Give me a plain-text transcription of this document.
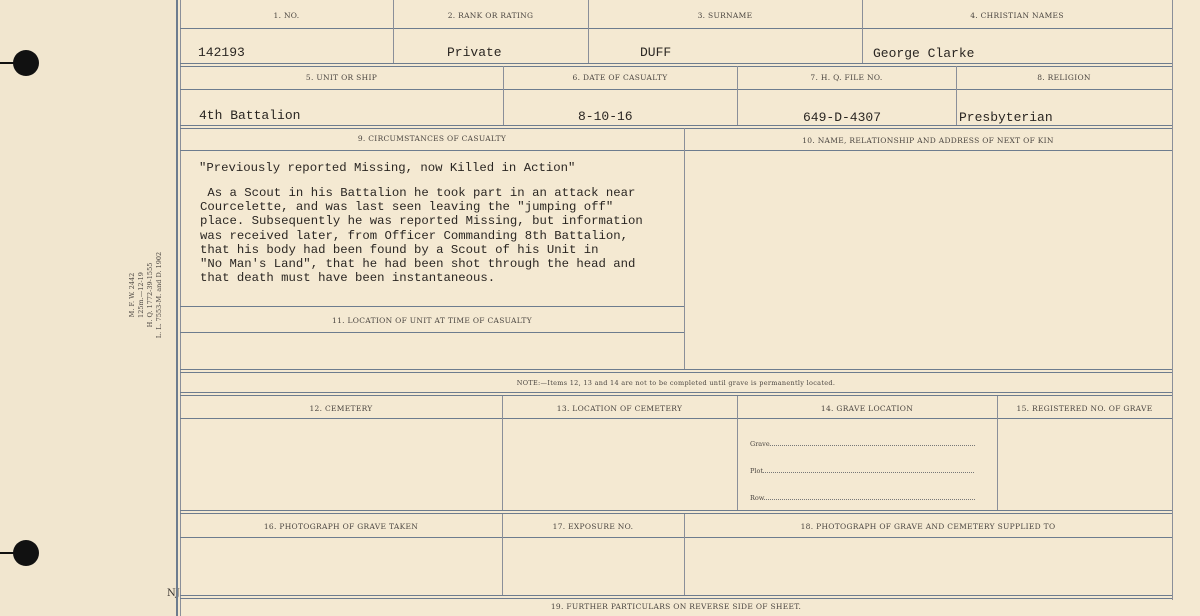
M. F. W. 2442 125m.—12-19 H. Q. 1772-39-1555 L. L. 7553-M. and D. 1902
NJ
1. NO.	2. RANK OR RATING	3. SURNAME	4. CHRISTIAN NAMES
142193	Private	DUFF	George Clarke
5. UNIT OR SHIP	6. DATE OF CASUALTY	7. H. Q. FILE NO.	8. RELIGION
4th Battalion	8-10-16	649-D-4307	Presbyterian
9. CIRCUMSTANCES OF CASUALTY
"Previously reported Missing, now Killed in Action"
As a Scout in his Battalion he took part in an attack near
Courcelette, and was last seen leaving the "jumping off"
place. Subsequently he was reported Missing, but information
was received later, from Officer Commanding 8th Battalion,
that his body had been found by a Scout of his Unit in
"No Man's Land", that he had been shot through the head and
that death must have been instantaneous.
10. NAME, RELATIONSHIP AND ADDRESS OF NEXT OF KIN
11. LOCATION OF UNIT AT TIME OF CASUALTY
NOTE:—Items 12, 13 and 14 are not to be completed until grave is permanently located.
12. CEMETERY	13. LOCATION OF CEMETERY	14. GRAVE LOCATION	15. REGISTERED NO. OF GRAVE
Grave
Plot
Row
16. PHOTOGRAPH OF GRAVE TAKEN	17. EXPOSURE NO.	18. PHOTOGRAPH OF GRAVE AND CEMETERY SUPPLIED TO
19. FURTHER PARTICULARS ON REVERSE SIDE OF SHEET.
